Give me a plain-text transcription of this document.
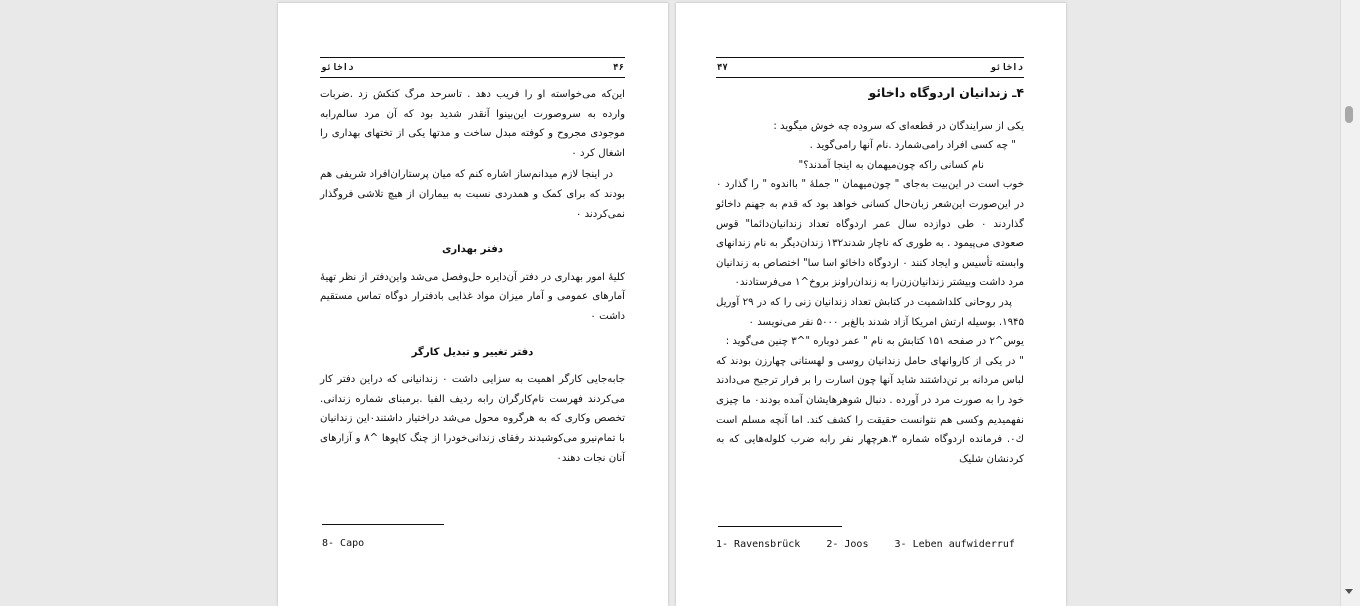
داخائو	۴۶

این‌که می‌خواسته او را فریب دهد . تاسرحد مرگ کتکش زد .ضربات وارده به سروصورت این‌بینوا آنقدر شدید بود که آن مرد سالم‌رابه موجودی مجروح و کوفته مبدل ساخت و مدتها یکی از تختهای بهداری را اشغال کرد ٠

در اینجا لازم میدانم‌ساز اشاره کنم که میان پرستاران‌افراد شریفی هم بودند که برای کمک و همدردی نسبت به بیماران از هیچ تلاشی فروگذار نمی‌کردند ٠

دفتر بهداری

کلیهٔ امور بهداری در دفتر آن‌دایره حل‌وفصل می‌شد واین‌دفتر از نظر تهیهٔ آمارهای عمومی و آمار میزان مواد غذایی بادفترار دوگاه تماس مستقیم داشت ٠

دفتر تغییر و تبدیل کارگر

جابه‌جایی کارگر اهمیت به سزایی داشت ٠ زندانیانی که دراین دفتر کار می‌کردند فهرست نام‌کارگران رابه ردیف الفبا .برمبنای شماره زندانی. تخصص وکاری که به هرگروه محول می‌شد دراختیار داشتند٠این زندانیان با تمام‌نیرو می‌کوشیدند رفقای زندانی‌خودرا از چنگ کاپوها ^۸ و آزارهای آنان نجات دهند٠

8- Capo
۴۷	داخائو

۴ـ زندانیان اردوگاه داخائو

یکی از سرایندگان در قطعه‌ای که سروده چه خوش میگوید :

" چه کسی افراد رامی‌شمارد .نام آنها رامی‌گوید .

نام کسانی راکه چون‌میهمان به اینجا آمدند؟"

خوب است در این‌بیت به‌جای " چون‌میهمان " جملهٔ " بااندوه " را گذارد ٠ در این‌صورت این‌شعر زبان‌حال کسانی خواهد بود که قدم به جهنم داخائو گذاردند ٠ طی دوازده سال عمر اردوگاه تعداد زندانیان‌دائما" قوس صعودی می‌پیمود . به طوری که ناچار شدند۱۳۲ زندان‌دیگر به نام زندانهای وابسته تأسیس و ایجاد کنند ٠ اردوگاه داخائو اسا سا" اختصاص به زندانیان مرد داشت وبیشتر زندانیان‌زن‌را به زندان‌راونز بروخ^۱ می‌فرستادند٠

پدر روحانی کلداشمیت در کتابش تعداد زندانیان زنی را که در ۲۹ آوریل ۱۹۴۵. بوسیله ارتش امریکا آزاد شدند بالغ‌بر ۵۰۰۰ نفر می‌نویسد ٠

یوس^۲ در صفحه ۱۵۱ کتابش به نام " عمر دوباره "^۳ چنین می‌گوید :

" در یکی از کاروانهای حامل زندانیان روسی و لهستانی چهارزن بودند که لباس مردانه بر تن‌داشتند شاید آنها چون اسارت را بر فرار ترجیح می‌دادند خود را به صورت مرد در آورده . دنبال شوهرهایشان آمده بودند٠ ما چیزی نفهمیدیم وکسی هم نتوانست حقیقت را کشف کند. اما آنچه مسلم است ك٠. فرمانده اردوگاه شماره ۳.هرچهار نفر رابه ضرب کلوله‌هایی که به کردنشان شلیک

1- Ravensbrück	2- Joos	3- Leben aufwiderruf
